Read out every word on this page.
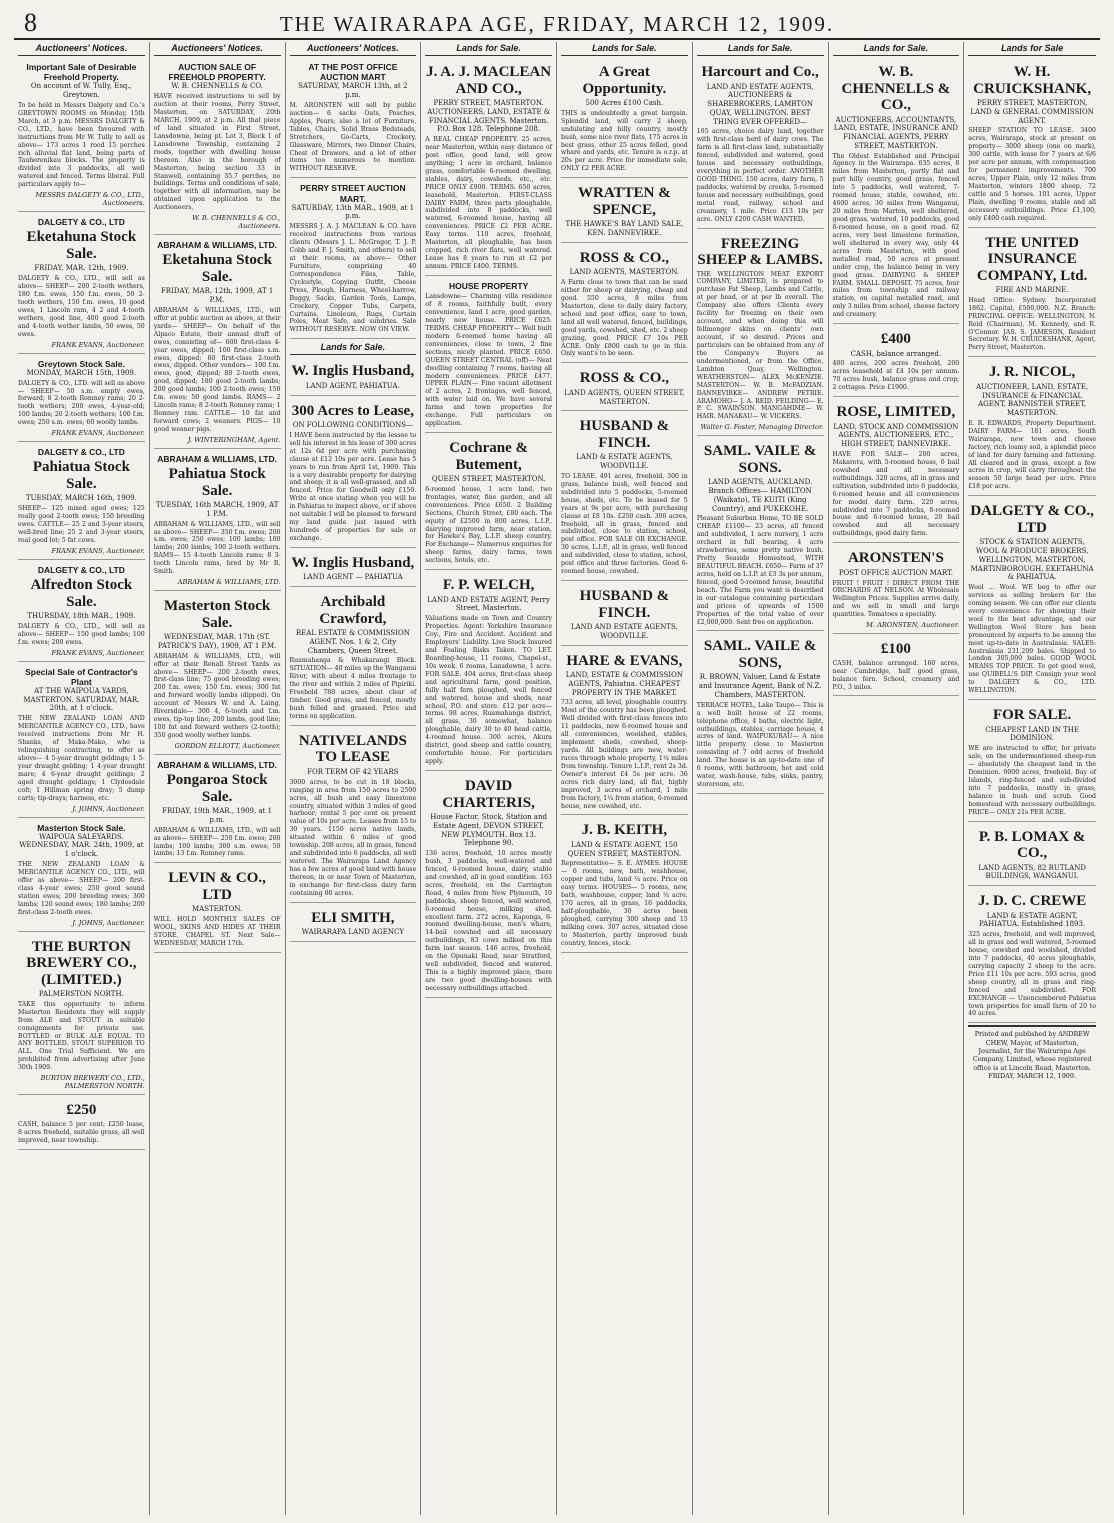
8	THE WAIRARAPA AGE, FRIDAY, MARCH 12, 1909.
Auctioneers' Notices.
Important Sale of Desirable Freehold Property.
On account of W. Tully, Esq., Greytown.
To be held in Messrs Dalgety and Co.'s GREYTOWN ROOMS on Monday, 15th March, at 3 p.m. MESSRS DALGETY & CO., LTD., have been favoured with instructions from Mr W. Tully to sell as above— 173 acres 1 rood 15 perches rich alluvial flat land, being parts of Tauherenikau blocks. The property is divided into 3 paddocks, all well watered and fenced. Terms liberal. Full particulars apply to—
MESSRS DALGETY & CO., LTD., Auctioneers.
DALGETY & CO., LTD
Eketahuna Stock Sale.
FRIDAY, MAR. 12th, 1909.
DALGETY & CO., LTD., will sell as above— SHEEP— 200 2-tooth wethers, 180 f.m. ewes, 150 f.m. ewes, 50 2-tooth wethers, 150 f.m. ewes, 10 good ewes, 1 Lincoln ram, 4 2 and 4-tooth wethers, good line, 400 good 2-tooth and 4-tooth wether lambs, 50 ewes, 50 ewes.
FRANK EVANS, Auctioneer.
Greytown Stock Sale.
MONDAY, MARCH 15th, 1909.
DALGETY & CO., LTD. will sell as above— SHEEP— 50 s.m. empty ewes, forward; 8 2-tooth Romney rams; 20 2-tooth wethers; 200 ewes, 4-year-old; 100 lambs; 20 2-tooth wethers; 100 f.m. ewes; 250 s.m. ewes; 60 woolly lambs.
FRANK EVANS, Auctioneer.
DALGETY & CO., LTD
Pahiatua Stock Sale.
TUESDAY, MARCH 16th, 1909.
SHEEP— 125 mixed aged ewes; 125 really good 2-tooth ewes; 150 breeding ewes. CATTLE— 25 2 and 3-year steers, well-bred line; 25 2 and 3-year steers, real good lot; 5 fat cows.
FRANK EVANS, Auctioneer.
DALGETY & CO., LTD
Alfredton Stock Sale.
THURSDAY, 18th MAR., 1909.
DALGETY & CO., LTD., will sell as above— SHEEP— 150 good lambs; 100 f.m. ewes; 200 ewes.
FRANK EVANS, Auctioneer.
Special Sale of Contractor's Plant
AT THE WAIPOUA YARDS, MASTERTON. SATURDAY, MAR. 20th, at 1 o'clock.
THE NEW ZEALAND LOAN AND MERCANTILE AGENCY CO., LTD., have received instructions from Mr H. Shanks, of Maka-Mako, who is relinquishing contracting, to offer as above— 4 5-year draught geldings; 1 5-year draught gelding; 1 4-year draught mare; 4 6-year draught geldings; 2 aged draught geldings; 1 Clydesdale colt; 1 Hillman spring dray; 5 dump carts; tip-drays; harness, etc.
J. JOHNS, Auctioneer.
Masterton Stock Sale.
WAIPOUA SALEYARDS. WEDNESDAY, MAR. 24th, 1909, at 1 o'clock.
THE NEW ZEALAND LOAN & MERCANTILE AGENCY CO., LTD., will offer as above— SHEEP— 200 first-class 4-year ewes; 250 good sound station ewes; 200 breeding ewes; 300 lambs; 120 sound ewes; 180 lambs; 200 first-class 2-tooth ewes.
J. JOHNS, Auctioneer.
THE BURTON BREWERY CO., (LIMITED.)
PALMERSTON NORTH.
TAKE this opportunity to inform Masterton Residents they will supply from ALE and STOUT in suitable consignments for private use. BOTTLED or BULK ALE EQUAL TO ANY BOTTLED. STOUT SUPERIOR TO ALL. One Trial Sufficient. We are prohibited from advertising after June 30th 1909.
BURTON BREWERY CO., LTD., PALMERSTON NORTH.
£250
CASH, balance 5 per cent; £250 lease, 8 acres freehold, suitable grass, all well improved, near township.
Auctioneers' Notices.
AUCTION SALE OF FREEHOLD PROPERTY.
W. B. CHENNELLS & CO.
HAVE received instructions to sell by auction at their rooms, Perry Street, Masterton, on SATURDAY, 20th MARCH, 1909, at 2 p.m. All that piece of land situated in First Street, Lansdowne, being pt. Lot 3, Block 1 of Lansdowne Township, containing 2 roods, together with dwelling house thereon. Also in the borough of Masterton, being section 33 in Stanwell, containing 35.7 perches, no buildings. Terms and conditions of sale, together with all information, may be obtained upon application to the Auctioneers,
W. B. CHENNELLS & CO., Auctioneers.
ABRAHAM & WILLIAMS, LTD.
Eketahuna Stock Sale.
FRIDAY, MAR. 12th, 1909, AT 1 P.M.
ABRAHAM & WILLIAMS, LTD., will offer at public auction as above, at their yards— SHEEP— On behalf of the Alpaco Estate, their annual draft of ewes, consisting of— 600 first-class 4-year ewes, dipped; 100 first-class s.m. ewes, dipped; 60 first-class 2-tooth ewes, dipped. Other vendors— 100 f.m. ewes, good, dipped; 80 2-tooth ewes, good, dipped; 180 good 2-tooth lambs; 200 good lambs; 100 2-tooth ewes; 150 f.m. ewes; 50 good lambs. RAMS— 2 Lincoln rams; 8 2-tooth Romney rams; 1 Romney ram. CATTLE— 10 fat and forward cows; 2 weaners. PIGS— 10 good weaner pigs.
J. WINTERINGHAM, Agent.
ABRAHAM & WILLIAMS, LTD.
Pahiatua Stock Sale.
TUESDAY, 16th MARCH, 1909, AT 1 P.M.
ABRAHAM & WILLIAMS, LTD., will sell as above— SHEEP— 350 f.m. ewes; 200 s.m. ewes; 250 ewes; 100 lambs; 100 lambs; 200 lambs; 100 2-tooth wethers. RAMS— 15 4-tooth Lincoln rams; 8 3-tooth Lincoln rams, bred by Mr R. Smith.
ABRAHAM & WILLIAMS, LTD.
Masterton Stock Sale.
WEDNESDAY, MAR. 17th (ST. PATRICK'S DAY), 1909, AT 1 P.M.
ABRAHAM & WILLIAMS, LTD., will offer at their Renall Street Yards as above— SHEEP— 200 2-tooth ewes, first-class line; 75 good breeding ewes; 200 f.m. ewes; 150 f.m. ewes; 300 fat and forward woolly lambs (dipped). On account of Messrs W. and A. Laing, Riversdale— 300 4, 6-tooth and f.m. ewes, tip-top line; 200 lambs, good line; 100 fat and forward wethers (2-tooth); 350 good woolly wether lambs.
GORDON ELLIOTT, Auctioneer.
ABRAHAM & WILLIAMS, LTD.
Pongaroa Stock Sale.
FRIDAY, 19th MAR., 1909, at 1 p.m.
ABRAHAM & WILLIAMS, LTD., will sell as above— SHEEP— 250 f.m. ewes; 200 lambs; 100 lambs; 300 s.m. ewes; 50 lambs; 13 f.m. Romney rams.
LEVIN & CO., LTD
MASTERTON.
WILL HOLD MONTHLY SALES OF WOOL, SKINS AND HIDES AT THEIR STORE, CHAPEL ST. Next Sale— WEDNESDAY, MARCH 17th.
Auctioneers' Notices.
AT THE POST OFFICE AUCTION MART
SATURDAY, MARCH 13th, at 2 p.m.
M. ARONSTEN will sell by public auction— 6 sacks Oats, Peaches, Apples, Pears; also a lot of Furniture, Tables, Chairs, Solid Brass Bedsteads, Stretchers, Go-Carts, Crockery, Glassware, Mirrors, two Dinner Chairs, Chest of Drawers, and a lot of other items too numerous to mention. WITHOUT RESERVE.
PERRY STREET AUCTION MART.
SATURDAY, 13th MAR., 1909, at 1 p.m.
MESSRS J. A. J. MACLEAN & CO. have received instructions from various clients (Messrs J. L. McGregor, T. J. P. Cobb and F. J. Smith, and others) to sell at their rooms, as above— Other Furniture, comprising 40 Correspondence Files, Table, Cyclostyle, Copying Outfit, Cheese Press, Plough, Harness, Wheel-barrow, Buggy, Sacks, Garden Tools, Lamps, Crockery, Copper Tubs, Carpets, Curtains, Linoleum, Rugs, Curtain Poles, Meat Safe, and sundries. Sale WITHOUT RESERVE. NOW ON VIEW.
Lands for Sale.
W. Inglis Husband,
LAND AGENT, PAHIATUA.
300 Acres to Lease,
ON FOLLOWING CONDITIONS—
I HAVE been instructed by the lessee to sell his interest in his lease of 300 acres at 12s 6d per acre with purchasing clause at £12 10s per acre. Lease has 5 years to run from April 1st, 1909. This is a very desirable property for dairying and sheep; it is all well-grassed, and all fenced. Price for Goodwill only £150. Write at once stating when you will be in Pahiatua to inspect above, or if above not suitable I will be pleased to forward my land guide just issued with hundreds of properties for sale or exchange.
W. Inglis Husband,
LAND AGENT — PAHIATUA
Archibald Crawford,
REAL ESTATE & COMMISSION AGENT. Nos. 1 & 2, City Chambers, Queen Street.
Ruamahanga & Whakarangi Block. SITUATION— 40 miles up the Wanganui River, with about 4 miles frontage to the river and within 2 miles of Pipiriki. Freehold 780 acres, about clear of timber. Good grass, and fenced, mostly bush felled and grassed. Price and terms on application.
NATIVELANDS TO LEASE
FOR TERM OF 42 YEARS
3000 acres, to be cut in 18 blocks, ranging in area from 150 acres to 2500 acres, all bush and easy limestone country, situated within 3 miles of good harbour; rental 5 per cent on present value of 10s per acre. Leases from 15 to 30 years. 1150 acres native lands, situated within 6 miles of good township. 208 acres, all in grass, fenced and subdivided into 6 paddocks, all well watered. The Wairarapa Land Agency has a few acres of good land with house thereon, in or near Town of Masterton, in exchange for first-class dairy farm containing 80 acres.
ELI SMITH,
WAIRARAPA LAND AGENCY
Lands for Sale.
J. A. J. MACLEAN AND CO.,
PERRY STREET, MASTERTON. AUCTIONEERS, LAND, ESTATE & FINANCIAL AGENTS, Masterton. P.O. Box 128. Telephone 208.
A REAL CHEAP PROPERTY. 25 acres, near Masterton, within easy distance of post office, good land, will grow anything; 1 acre in orchard, balance grass, comfortable 6-roomed dwelling, stables, dairy, cowsheds, etc., etc. PRICE ONLY £900. TERMS. 650 acres, leasehold, Masterton. FIRST-CLASS DAIRY FARM, three parts ploughable, subdivided into 8 paddocks, well watered, 6-roomed house, having all conveniences. PRICE £2 PER ACRE. Easy terms. 110 acres, freehold, Masterton, all ploughable, has been cropped, rich river flats, well watered. Lease has 8 years to run at £2 per annum. PRICE £400. TERMS.
HOUSE PROPERTY
Lansdowne— Charming villa residence of 8 rooms, faithfully built, every convenience, land 1 acre, good garden, nearly new house. PRICE £625. TERMS. CHEAP PROPERTY— Well built modern 6-roomed home having all conveniences, close to town, 2 fine sections, nicely planted. PRICE £650. QUEEN STREET CENTRAL (off)— Neat dwelling containing 7 rooms, having all modern conveniences. PRICE £477. UPPER PLAIN— Fine vacant allotment of 2 acres, 2 frontages, well fenced, with water laid on. We have several farms and town properties for exchange. Full particulars on application.
Cochrane & Butement,
QUEEN STREET, MASTERTON.
6-roomed house, 1 acre land, two frontages, water, fine garden, and all conveniences. Price £650. 2 Building Sections, Church Street, £80 each. The equity of £2500 in 800 acres, L.I.P., dairying improved farm, near station, for Hawke's Bay, L.I.P. sheep country. For Exchange— Numerous enquiries for sheep farms, dairy farms, town sections, hotels, etc.
F. P. WELCH,
LAND AND ESTATE AGENT, Perry Street, Masterton.
Valuations made on Town and Country Properties. Agent: Yorkshire Insurance Coy., Fire and Accident. Accident and Employers' Liability. Live Stock Insured and Foaling Risks Taken. TO LET. Boarding-house, 11 rooms, Chapel-st., 10s week. 6 rooms, Lansdowne, 1 acre. FOR SALE. 404 acres, first-class sheep and agricultural farm, good position, fully half fern ploughed, well fenced and watered, house and sheds, near school, P.O. and store. £12 per acre— terms. 98 acres, Ruamahanga district, all grass, 30 somewhat, balance ploughable, dairy 30 to 40 head cattle, 4-roomed house. 300 acres, Akura district, good sheep and cattle country, comfortable house. For particulars apply.
DAVID CHARTERIS,
House Factor, Stock, Station and Estate Agent, DEVON STREET, NEW PLYMOUTH. Box 13. Telephone 90.
136 acres, freehold, 10 acres mostly bush, 3 paddocks, well-watered and fenced, 6-roomed house, dairy, stable and cowshed, all in good condition. 163 acres, freehold, on the Carrington Road, 4 miles from New Plymouth, 10 paddocks, sheep fenced, well watered, 6-roomed house, milking shed, excellent farm. 272 acres, Kaponga, 6-roomed dwelling-house, men's whare, 14-bail cowshed and all necessary outbuildings, 83 cows milked on this farm last season. 146 acres, freehold, on the Opunaki Road, near Stratford, well subdivided, fenced and watered. This is a highly improved place, there are two good dwelling-houses with necessary outbuildings attached.
Lands for Sale.
A Great Opportunity.
500 Acres £100 Cash.
THIS is undoubtedly a great bargain. Splendid land, will carry 2 sheep, undulating and hilly country, mostly bush, some nice river flats, 175 acres in best grass, other 25 acres felled, good whare and yards, etc. Tenure is o.r.p. at 20s per acre. Price for immediate sale, ONLY £2 PER ACRE.
WRATTEN & SPENCE,
THE HAWKE'S BAY LAND SALE, KEN. DANNEVIRKE.
ROSS & CO.,
LAND AGENTS, MASTERTON.
A Farm close to town that can be used either for sheep or dairying, cheap and good. 550 acres, 8 miles from Masterton, close to daily dairy factory, school and post office, easy to town, land all well watered, fenced, buildings, good yards, cowshed, shed, etc. 2 sheep grazing, good. PRICE £7 10s PER ACRE. Only £800 cash to go in this. Only want's to be seen.
ROSS & CO.,
LAND AGENTS, QUEEN STREET, MASTERTON.
HUSBAND & FINCH.
LAND & ESTATE AGENTS, WOODVILLE.
TO LEASE. 491 acres, freehold, 300 in grass, balance bush, well fenced and subdivided into 5 paddocks, 5-roomed house, sheds, etc. To be leased for 5 years at 9s per acre, with purchasing clause at £8 10s. £250 cash. 300 acres, freehold, all in grass, fenced and subdivided, close to station, school, post office. FOR SALE OR EXCHANGE. 30 acres, L.I.P., all in grass, well fenced and subdivided, close to station, school, post office and three factories. Good 6-roomed house, cowshed.
HUSBAND & FINCH.
LAND AND ESTATE AGENTS, WOODVILLE.
HARE & EVANS,
LAND, ESTATE & COMMISSION AGENTS, Pahiatua. CHEAPEST PROPERTY IN THE MARKET.
733 acres, all level, ploughable country. Most of the country has been ploughed. Well divided with first-class fences into 11 paddocks, new 6-roomed house and all conveniences, woolshed, stables, implement sheds, cowshed, sheep-yards. All buildings are new, water-races through whole property, 1¼ miles from township. Tenure L.I.P., rent 2s 3d. Owner's interest £4 5s per acre. 36 acres rich dairy land, all flat, highly improved, 3 acres of orchard, 1 mile from factory, 1¼ from station, 6-roomed house, new cowshed, etc.
J. B. KEITH,
LAND & ESTATE AGENT, 150 QUEEN STREET, MASTERTON.
Representative— S. E. AYMES. HOUSE— 6 rooms, new, bath, washhouse, copper and tubs, land ¼ acre. Price on easy terms. HOUSES— 5 rooms, new, bath, washhouse, copper, land ¼ acre. 170 acres, all in grass, 16 paddocks, half-ploughable, 30 acres been ploughed, carrying 300 sheep and 15 milking cows. 307 acres, situated close to Masterton, partly improved bush country, fences, stock.
Lands for Sale.
Harcourt and Co.,
LAND AND ESTATE AGENTS, AUCTIONEERS & SHAREBROKERS, LAMBTON QUAY, WELLINGTON. BEST THING EVER OFFERED—
105 acres, choice dairy land, together with first-class herd of dairy cows. The farm is all first-class land, substantially fenced, subdivided and watered, good house and necessary outbuildings, everything in perfect order. ANOTHER GOOD THING. 150 acres, dairy farm, 5 paddocks, watered by creeks, 5-roomed house and necessary outbuildings, good metal road, railway, school and creamery, 1 mile. Price £13 10s per acre. ONLY £200 CASH WANTED.
FREEZING SHEEP & LAMBS.
THE WELLINGTON MEAT EXPORT COMPANY, LIMITED, is prepared to purchase Fat Sheep, Lambs and Cattle, at per head, or at per lb overall. The Company also offers Clients every facility for freezing on their own account, and when doing this will fellmonger skins on clients' own account, if so desired. Prices and particulars can be obtained from any of the Company's Buyers as undermentioned, or from the Office, Lambton Quay, Wellington. WEATHERSTON— ALEX McKENZIE. MASTERTON— W. B. McFADZIAN. DANNEVIRKE— ANDREW PETRIE. ARAMOHO— J. A. REID. FEILDING— E. P. C. SWAINSON. MANGAHIME— W. HAIR. MANAKAU— W. VICKERS.
Walter G. Foster, Managing Director.
SAML. VAILE & SONS.
LAND AGENTS, AUCKLAND. Branch Offices— HAMILTON (Waikato), TE KUITI (King Country), and PUKEKOHE.
Pleasant Suburban Home, TO BE SOLD CHEAP. £1100— 23 acres, all fenced and subdivided, 1 acre nursery, 1 acre orchard in full bearing, 4 acre strawberries, some pretty native bush. Pretty Seaside Homestead, WITH BEAUTIFUL BEACH. £650— Farm of 37 acres, held on L.I.P. at £3 3s per annum, fenced, good 5-roomed house, beautiful beach. The Farm you want is described in our catalogue containing particulars and prices of upwards of 1500 Properties of the total value of over £2,000,000. Sent free on application.
SAML. VAILE & SONS,
R. BROWN, Valuer, Land & Estate and Insurance Agent, Bank of N.Z. Chambers, MASTERTON.
TERRACE HOTEL, Lake Taupo— This is a well built house of 22 rooms, telephone office, 4 baths, electric light, outbuildings, stables, carriage house, 4 acres of land. WAIPUKURAU— A nice little property close to Masterton consisting of 7 odd acres of freehold land. The house is an up-to-date one of 6 rooms, with bathroom, hot and cold water, wash-house, tubs, sinks, pantry, storeroom, etc.
Lands for Sale.
W. B. CHENNELLS & CO.,
AUCTIONEERS, ACCOUNTANTS, LAND, ESTATE, INSURANCE AND FINANCIAL AGENTS, PERRY STREET, MASTERTON.
The Oldest Established and Principal Agency in the Wairarapa. 635 acres, 8 miles from Masterton, partly flat and part hilly country, good grass, fenced into 5 paddocks, well watered, 7-roomed house, stable, cowshed, etc. 4600 acres, 30 miles from Wanganui, 20 miles from Marton, well sheltered, good grass, watered, 10 paddocks, good 6-roomed house, on a good road. 62 acres, very best limestone formation, well sheltered in every way, only 44 acres from Masterton, with good metalled road, 50 acres at present under crop, the balance being in very good grass. DAIRYING & SHEEP FARM. SMALL DEPOSIT. 75 acres, four miles from township and railway station, on capital metalled road, and only 3 miles from school, cheese factory and creamery.
£400
CASH, balance arranged.
400 acres, 200 acres freehold, 200 acres leasehold at £4 10s per annum. 70 acres bush, balance grass and crop; 2 cottages. Price £1900.
ROSE, LIMITED,
LAND, STOCK AND COMMISSION AGENTS, AUCTIONEERS, ETC., HIGH STREET, DANNEVIRKE.
HAVE FOR SALE— 200 acres, Makaretu, with 5-roomed house, 6 bail cowshed and all necessary outbuildings. 320 acres, all in grass and cultivation, subdivided into 6 paddocks, 6-roomed house and all conveniences for model dairy farm. 220 acres, subdivided into 7 paddocks, 8-roomed house and 6-roomed house, 20 bail cowshed and all necessary outbuildings, good dairy farm.
ARONSTEN'S
POST OFFICE AUCTION MART.
FRUIT ! FRUIT ! DIRECT FROM THE ORCHARDS AT NELSON. At Wholesale Wellington Prices. Supplies arrive daily, and we sell in small and large quantities. Tomatoes a speciality.
M. ARONSTEN, Auctioneer.
£100
CASH, balance arranged. 160 acres, near Cambridge, half good grass, balance fern. School, creamery and P.O., 3 miles.
Lands for Sale
W. H. CRUICKSHANK,
PERRY STREET, MASTERTON, LAND & GENERAL COMMISSION AGENT.
SHEEP STATION TO LEASE. 3400 acres, Wairarapa, stock at present on property— 3000 sheep (one on mark), 300 cattle, with lease for 7 years at 6/6 per acre per annum, with compensation for permanent improvements. 700 acres, Upper Plain, only 12 miles from Masterton, winters 1800 sheep, 72 cattle and 5 horses. 101 acres, Upper Plain, dwelling 9 rooms, stable and all accessory outbuildings. Price £1,100, only £400 cash required.
THE UNITED INSURANCE COMPANY, Ltd.
FIRE AND MARINE.
Head Office: Sydney. Incorporated 1862. Capital, £500,000. N.Z. Branch: PRINCIPAL OFFICE: WELLINGTON. N. Reid (Chairman), M. Kennedy, and R. O'Connor. JAS. S. JAMESON, Resident Secretary. W. H. CRUICKSHANK, Agent, Perry Street, Masterton.
J. R. NICOL,
AUCTIONEER, LAND, ESTATE, INSURANCE & FINANCIAL AGENT, BANNISTER STREET, MASTERTON.
E. R. EDWARDS, Property Department. DAIRY FARM— 181 acres, South Wairarapa, new town and cheese factory, rich loamy soil, a splendid piece of land for dairy farming and fattening. All cleared and in grass, except a few acres in crop, will carry throughout the season 50 large head per acre. Price £18 per acre.
DALGETY & CO., LTD
STOCK & STATION AGENTS, WOOL & PRODUCE BROKERS, WELLINGTON, MASTERTON, MARTINBOROUGH, EKETAHUNA & PAHIATUA.
Wool ... Wool. WE beg to offer our services as selling brokers for the coming season. We can offer our clients every convenience for showing their wool to the best advantage, and our Wellington Wool Store has been pronounced by experts to be among the most up-to-date in Australasia. SALES: Australasia 231,209 bales. Shipped to London 305,000 bales. GOOD WOOL MEANS TOP PRICE. To get good wool, use QUIBELL'S DIP. Consign your wool to DALGETY & CO., LTD. WELLINGTON.
FOR SALE.
CHEAPEST LAND IN THE DOMINION.
WE are instructed to offer, for private sale, on the undermentioned sheep-run— absolutely the cheapest land in the Dominion. 9000 acres, freehold, Bay of Islands, ring-fenced and sub-divided into 7 paddocks, mostly in grass, balance in bush and scrub. Good homestead with necessary outbuildings. PRICE— ONLY 21s PER ACRE.
P. B. LOMAX & CO.,
LAND AGENTS, 82 RUTLAND BUILDINGS, WANGANUI.
J. D. C. CREWE
LAND & ESTATE AGENT, PAHIATUA. Established 1893.
325 acres, freehold, and well improved, all in grass and well watered, 5-roomed house, cowshed and woolshed, divided into 7 paddocks, 40 acres ploughable, carrying capacity 2 sheep to the acre. Price £11 10s per acre. 593 acres, good sheep country, all in grass and ring-fenced and subdivided. FOR EXCHANGE — Unencumbered Pahiatua town properties for small farm of 20 to 40 acres.
Printed and published by ANDREW CHEW, Mayor, of Masterton, Journalist, for the Wairarapa Age Company, Limited, whose registered office is at Lincoln Road, Masterton. FRIDAY, MARCH 12, 1909.
